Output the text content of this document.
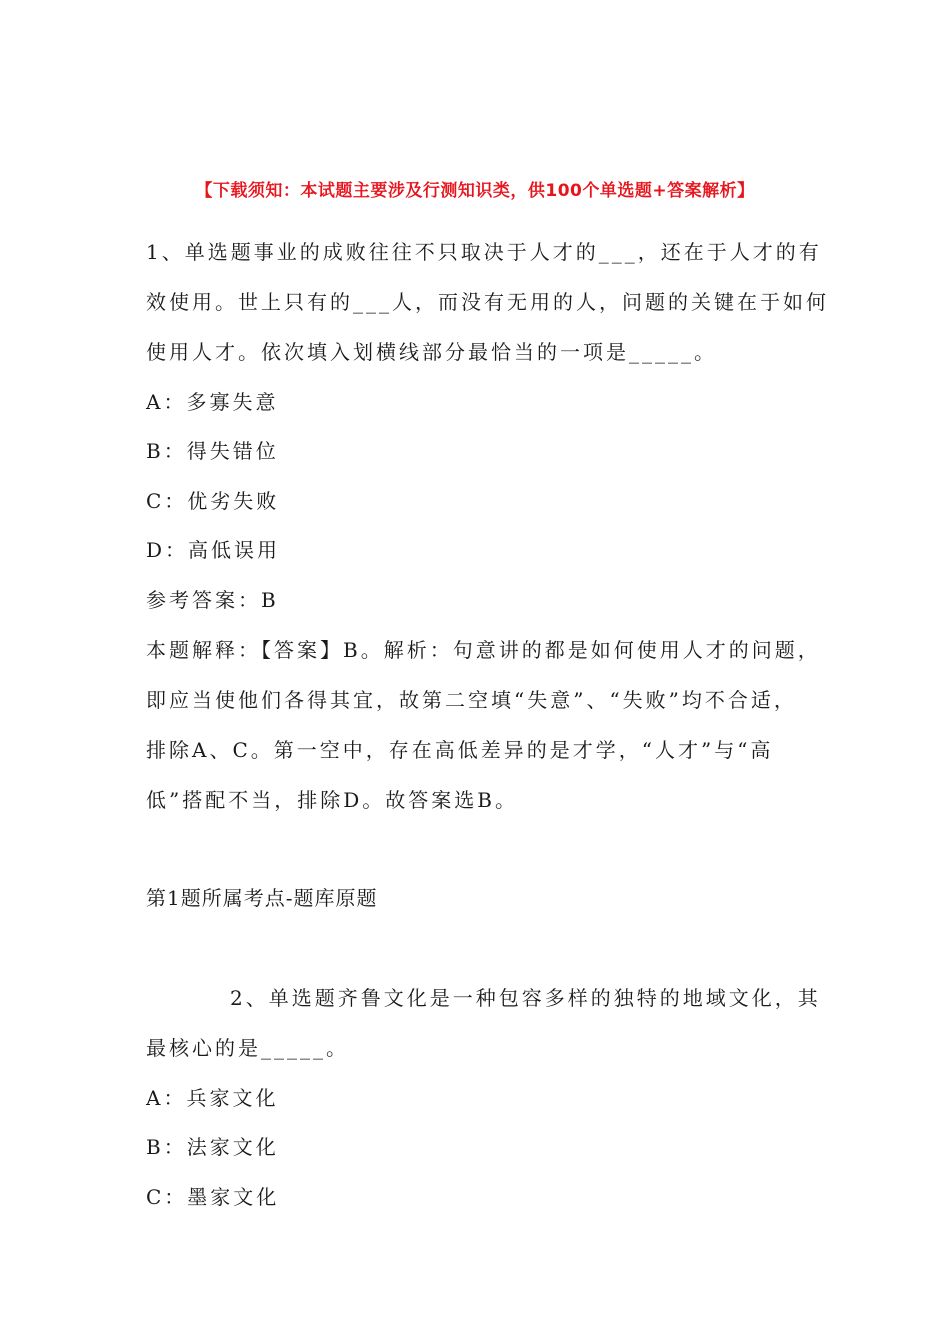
【下载须知：本试题主要涉及行测知识类，供100个单选题+答案解析】
1、单选题事业的成败往往不只取决于人才的___，还在于人才的有
效使用。世上只有的___人，而没有无用的人，问题的关键在于如何
使用人才。依次填入划横线部分最恰当的一项是_____。
A：多寡失意
B：得失错位
C：优劣失败
D：高低误用
参考答案：B
本题解释：【答案】B。解析：句意讲的都是如何使用人才的问题，
即应当使他们各得其宜，故第二空填“失意”、“失败”均不合适，
排除A、C。第一空中，存在高低差异的是才学，“人才”与“高
低”搭配不当，排除D。故答案选B。
第1题所属考点-题库原题
2、单选题齐鲁文化是一种包容多样的独特的地域文化，其
最核心的是_____。
A：兵家文化
B：法家文化
C：墨家文化
